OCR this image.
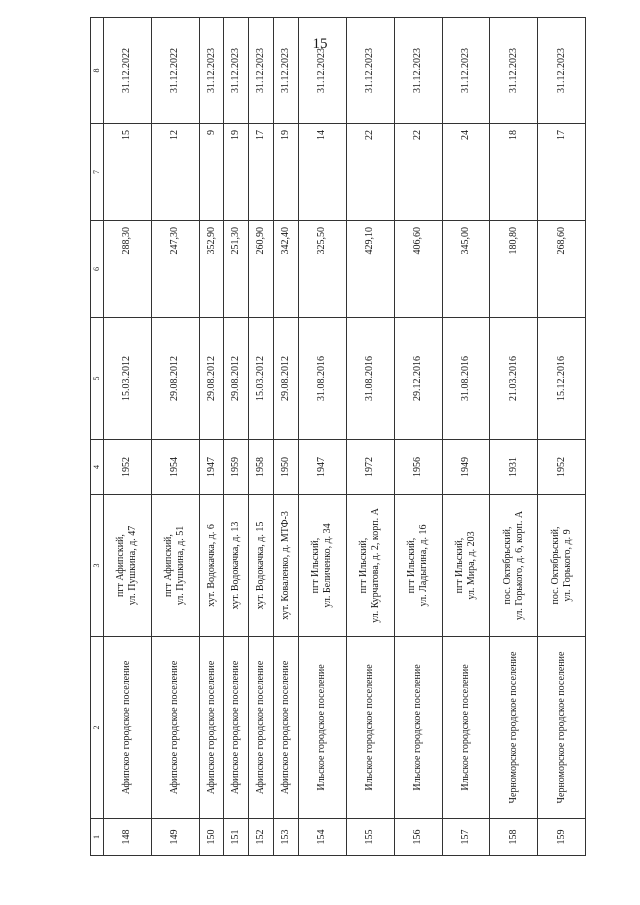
15
1	2	3	4	5	6	7	8
148	Афипское городское поселение	пгт Афипский,
ул. Пушкина, д. 47	1952	15.03.2012	288,30	15	31.12.2022
149	Афипское городское поселение	пгт Афипский,
ул. Пушкина, д. 51	1954	29.08.2012	247,30	12	31.12.2022
150	Афипское городское поселение	хут. Водокачка, д. 6	1947	29.08.2012	352,90	9	31.12.2023
151	Афипское городское поселение	хут. Водокачка, д. 13	1959	29.08.2012	251,30	19	31.12.2023
152	Афипское городское поселение	хут. Водокачка, д. 15	1958	15.03.2012	260,90	17	31.12.2023
153	Афипское городское поселение	хут. Коваленко, д. МТФ-3	1950	29.08.2012	342,40	19	31.12.2023
154	Ильское городское поселение	пгт Ильский,
ул. Беличенко, д. 34	1947	31.08.2016	325,50	14	31.12.2023
155	Ильское городское поселение	пгт Ильский,
ул. Курчатова, д. 2, корп. А	1972	31.08.2016	429,10	22	31.12.2023
156	Ильское городское поселение	пгт Ильский,
ул. Ладыгина, д. 16	1956	29.12.2016	406,60	22	31.12.2023
157	Ильское городское поселение	пгт Ильский,
ул. Мира, д. 203	1949	31.08.2016	345,00	24	31.12.2023
158	Черноморское городское поселение	пос. Октябрьский,
ул. Горького, д. 6, корп. А	1931	21.03.2016	180,80	18	31.12.2023
159	Черноморское городское поселение	пос. Октябрьский,
ул. Горького, д. 9	1952	15.12.2016	268,60	17	31.12.2023
